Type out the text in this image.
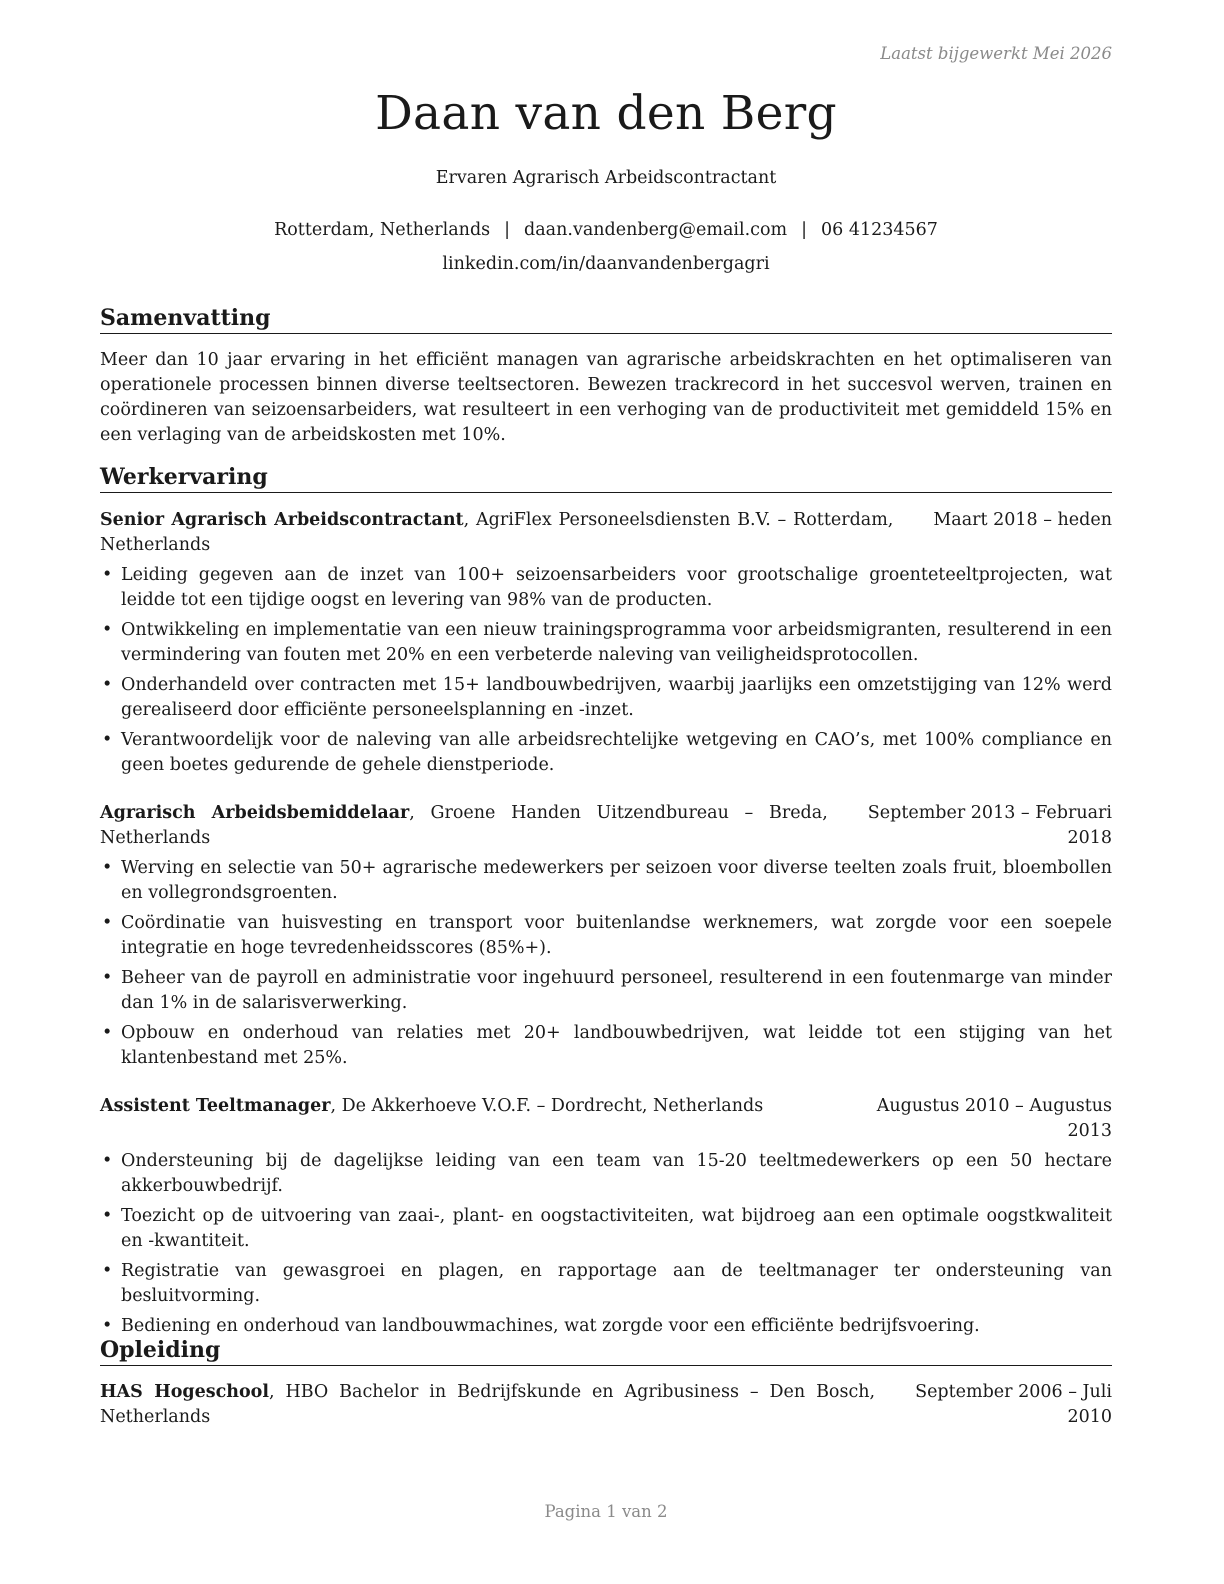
Laatst bijgewerkt Mei 2026
Daan van den Berg
Ervaren Agrarisch Arbeidscontractant
Rotterdam, Netherlands | daan.vandenberg@email.com | 06 41234567
linkedin.com/in/daanvandenbergagri
Samenvatting
Meer dan 10 jaar ervaring in het efficiënt managen van agrarische arbeidskrachten en het optimaliseren van operationele processen binnen diverse teeltsectoren. Bewezen trackrecord in het succesvol werven, trainen en coördineren van seizoensarbeiders, wat resulteert in een verhoging van de productiviteit met gemiddeld 15% en een verlaging van de arbeidskosten met 10%.
Werkervaring
Senior Agrarisch Arbeidscontractant, AgriFlex Personeelsdiensten B.V. – Rotterdam, Netherlands
Maart 2018 – heden
• Leiding gegeven aan de inzet van 100+ seizoensarbeiders voor grootschalige groenteteeltprojecten, wat leidde tot een tijdige oogst en levering van 98% van de producten.
• Ontwikkeling en implementatie van een nieuw trainingsprogramma voor arbeidsmigranten, resulterend in een vermindering van fouten met 20% en een verbeterde naleving van veiligheidsprotocollen.
• Onderhandeld over contracten met 15+ landbouwbedrijven, waarbij jaarlijks een omzetstijging van 12% werd gerealiseerd door efficiënte personeelsplanning en -inzet.
• Verantwoordelijk voor de naleving van alle arbeidsrechtelijke wetgeving en CAO’s, met 100% compliance en geen boetes gedurende de gehele dienstperiode.
Agrarisch Arbeidsbemiddelaar, Groene Handen Uitzendbureau – Breda, Netherlands
September 2013 – Februari
2018
• Werving en selectie van 50+ agrarische medewerkers per seizoen voor diverse teelten zoals fruit, bloembollen en vollegrondsgroenten.
• Coördinatie van huisvesting en transport voor buitenlandse werknemers, wat zorgde voor een soepele integratie en hoge tevredenheidsscores (85%+).
• Beheer van de payroll en administratie voor ingehuurd personeel, resulterend in een foutenmarge van minder dan 1% in de salarisverwerking.
• Opbouw en onderhoud van relaties met 20+ landbouwbedrijven, wat leidde tot een stijging van het klantenbestand met 25%.
Assistent Teeltmanager, De Akkerhoeve V.O.F. – Dordrecht, Netherlands	Augustus 2010 – Augustus
2013
• Ondersteuning bij de dagelijkse leiding van een team van 15-20 teeltmedewerkers op een 50 hectare akkerbouwbedrijf.
• Toezicht op de uitvoering van zaai-, plant- en oogstactiviteiten, wat bijdroeg aan een optimale oogstkwaliteit en -kwantiteit.
• Registratie van gewasgroei en plagen, en rapportage aan de teeltmanager ter ondersteuning van besluitvorming.
• Bediening en onderhoud van landbouwmachines, wat zorgde voor een efficiënte bedrijfsvoering.
Opleiding
HAS Hogeschool, HBO Bachelor in Bedrijfskunde en Agribusiness – Den Bosch, Netherlands
September 2006 – Juli
2010
Pagina 1 van 2
